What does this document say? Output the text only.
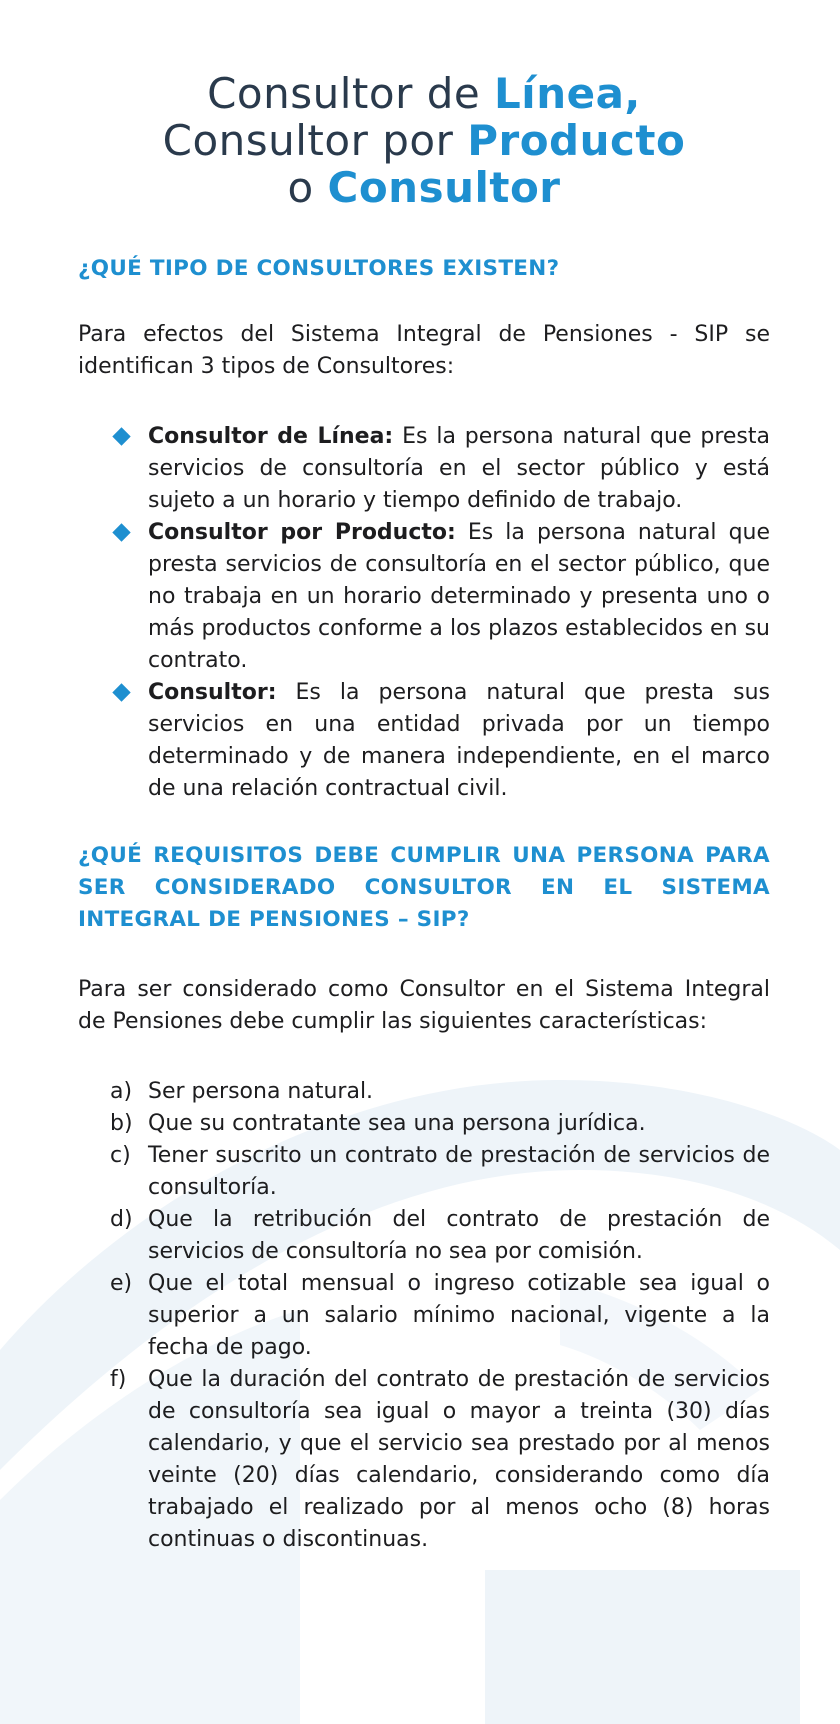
Consultor de Línea,
Consultor por Producto
o Consultor
¿QUÉ TIPO DE CONSULTORES EXISTEN?

Para efectos del Sistema Integral de Pensiones - SIP se identifican 3 tipos de Consultores:

Consultor de Línea: Es la persona natural que presta servicios de consultoría en el sector público y está sujeto a un horario y tiempo definido de trabajo.
Consultor por Producto: Es la persona natural que presta servicios de consultoría en el sector público, que no trabaja en un horario determinado y presenta uno o más productos conforme a los plazos establecidos en su contrato.
Consultor: Es la persona natural que presta sus servicios en una entidad privada por un tiempo determinado y de manera independiente, en el marco de una relación contractual civil.
¿QUÉ REQUISITOS DEBE CUMPLIR UNA PERSONA PARA SER CONSIDERADO CONSULTOR EN EL SISTEMA INTEGRAL DE PENSIONES – SIP?

Para ser considerado como Consultor en el Sistema Integral de Pensiones debe cumplir las siguientes características:

a) Ser persona natural.
b) Que su contratante sea una persona jurídica.
c) Tener suscrito un contrato de prestación de servicios de consultoría.
d) Que la retribución del contrato de prestación de servicios de consultoría no sea por comisión.
e) Que el total mensual o ingreso cotizable sea igual o superior a un salario mínimo nacional, vigente a la fecha de pago.
f) Que la duración del contrato de prestación de servicios de consultoría sea igual o mayor a treinta (30) días calendario, y que el servicio sea prestado por al menos veinte (20) días calendario, considerando como día trabajado el realizado por al menos ocho (8) horas continuas o discontinuas.
